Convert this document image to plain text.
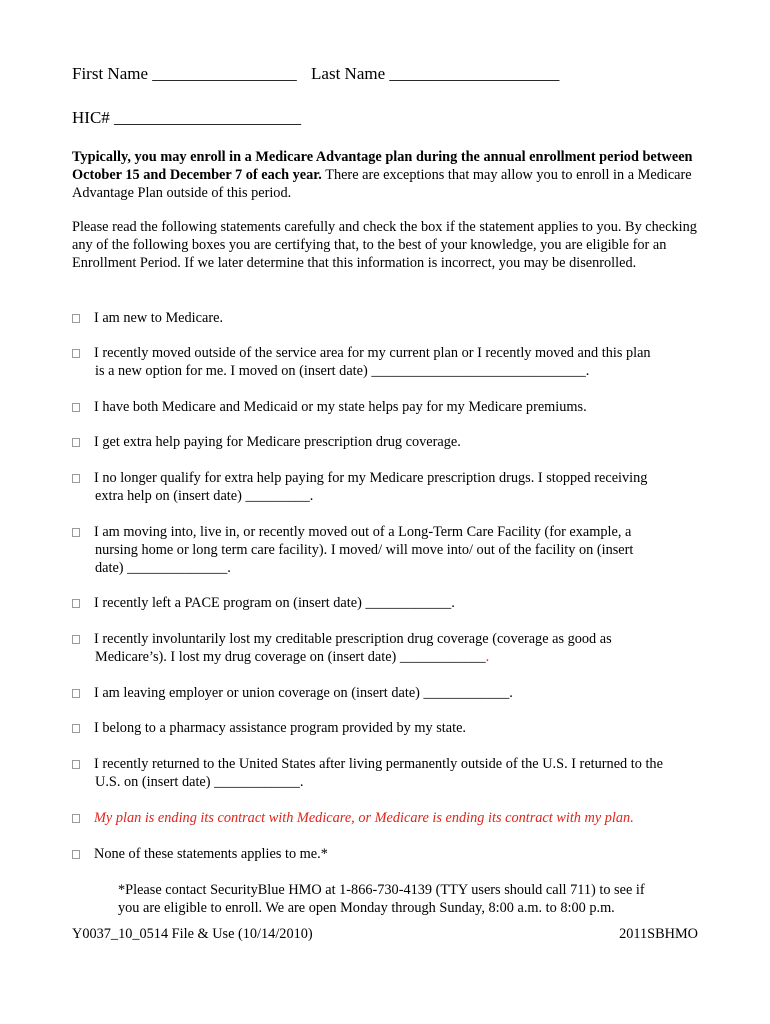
First Name _________________ Last Name ____________________
HIC# ______________________
Typically, you may enroll in a Medicare Advantage plan during the annual enrollment period between October 15 and December 7 of each year. There are exceptions that may allow you to enroll in a Medicare Advantage Plan outside of this period.
Please read the following statements carefully and check the box if the statement applies to you. By checking any of the following boxes you are certifying that, to the best of your knowledge, you are eligible for an Enrollment Period. If we later determine that this information is incorrect, you may be disenrolled.
I am new to Medicare.
I recently moved outside of the service area for my current plan or I recently moved and this plan
is a new option for me. I moved on (insert date) ______________________________.
I have both Medicare and Medicaid or my state helps pay for my Medicare premiums.
I get extra help paying for Medicare prescription drug coverage.
I no longer qualify for extra help paying for my Medicare prescription drugs. I stopped receiving
extra help on (insert date) _________.
I am moving into, live in, or recently moved out of a Long-Term Care Facility (for example, a
nursing home or long term care facility). I moved/ will move into/ out of the facility on (insert
date) ______________.
I recently left a PACE program on (insert date) ____________.
I recently involuntarily lost my creditable prescription drug coverage (coverage as good as
Medicare’s). I lost my drug coverage on (insert date) ____________.
I am leaving employer or union coverage on (insert date) ____________.
I belong to a pharmacy assistance program provided by my state.
I recently returned to the United States after living permanently outside of the U.S. I returned to the
U.S. on (insert date) ____________.
My plan is ending its contract with Medicare, or Medicare is ending its contract with my plan.
None of these statements applies to me.*
*Please contact SecurityBlue HMO at 1-866-730-4139 (TTY users should call 711) to see if
you are eligible to enroll. We are open Monday through Sunday, 8:00 a.m. to 8:00 p.m.
Y0037_10_0514 File & Use (10/14/2010)	2011SBHMO
